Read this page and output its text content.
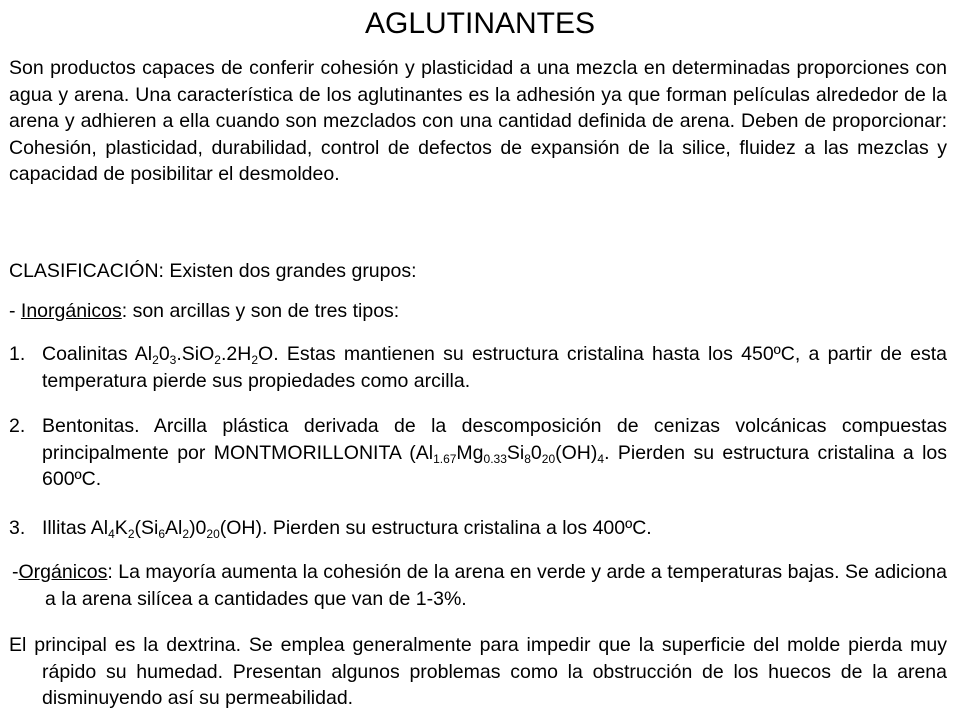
AGLUTINANTES

Son productos capaces de conferir cohesión y plasticidad a una mezcla en determinadas proporciones con agua y arena. Una característica de los aglutinantes es la adhesión ya que forman películas alrededor de la arena y adhieren a ella cuando son mezclados con una cantidad definida de arena. Deben de proporcionar: Cohesión, plasticidad, durabilidad, control de defectos de expansión de la silice, fluidez a las mezclas y capacidad de posibilitar el desmoldeo.

CLASIFICACIÓN: Existen dos grandes grupos:

- Inorgánicos: son arcillas y son de tres tipos:

1. Coalinitas $Al_20_3.SiO_2.2H_2O$. Estas mantienen su estructura cristalina hasta los 450ºC, a partir de esta temperatura pierde sus propiedades como arcilla.

2. Bentonitas. Arcilla plástica derivada de la descomposición de cenizas volcánicas compuestas principalmente por MONTMORILLONITA ($Al_{1.67}Mg_{0.33}Si_80_{20}(OH)_4$. Pierden su estructura cristalina a los 600ºC.

3. Illitas $Al_4K_2(Si_6Al_2)0_{20}(OH)$. Pierden su estructura cristalina a los 400ºC.

-Orgánicos: La mayoría aumenta la cohesión de la arena en verde y arde a temperaturas bajas. Se adiciona a la arena silícea a cantidades que van de 1-3%.

El principal es la dextrina. Se emplea generalmente para impedir que la superficie del molde pierda muy rápido su humedad. Presentan algunos problemas como la obstrucción de los huecos de la arena disminuyendo así su permeabilidad.
